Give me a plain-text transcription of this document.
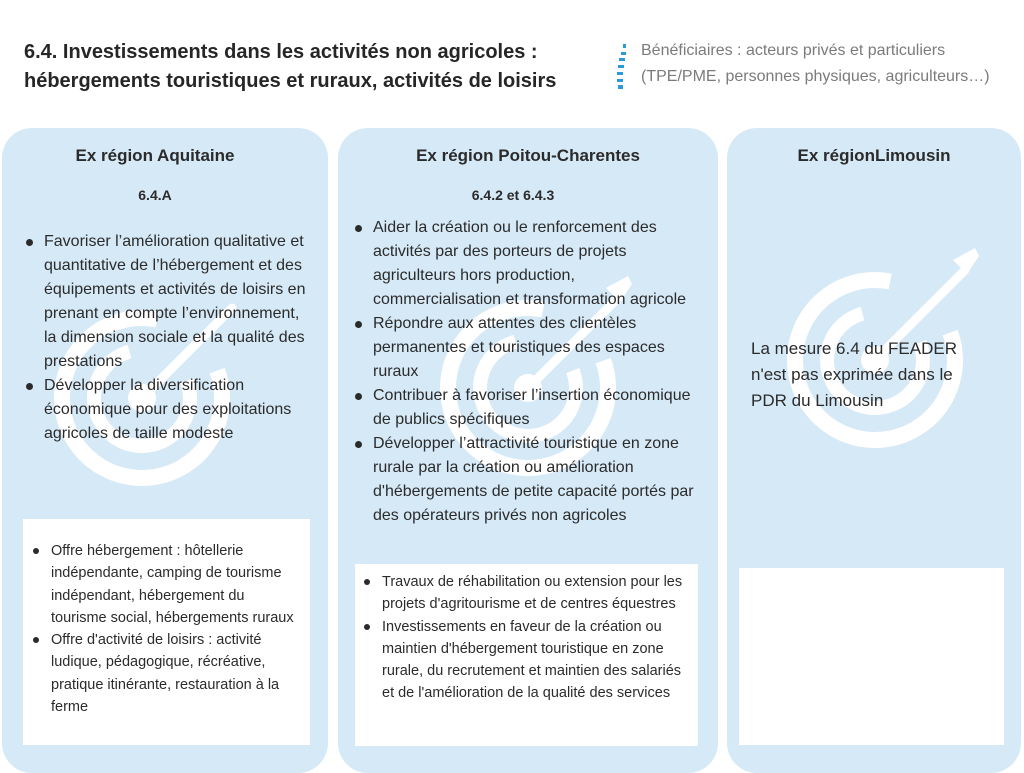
6.4. Investissements dans les activités non agricoles : hébergements touristiques et ruraux, activités de loisirs
Bénéficiaires : acteurs privés et particuliers
(TPE/PME, personnes physiques, agriculteurs…)
Ex région Aquitaine
6.4.A
Favoriser l’amélioration qualitative et quantitative de l’hébergement et des équipements et activités de loisirs en prenant en compte l’environnement, la dimension sociale et la qualité des prestations
Développer la diversification économique pour des exploitations agricoles de taille modeste
Offre hébergement : hôtellerie indépendante, camping de tourisme indépendant, hébergement du tourisme social, hébergements ruraux
Offre d'activité de loisirs : activité ludique, pédagogique, récréative, pratique itinérante, restauration à la ferme
Ex région Poitou-Charentes
6.4.2 et 6.4.3
Aider la création ou le renforcement des activités par des porteurs de projets agriculteurs hors production, commercialisation et transformation agricole
Répondre aux attentes des clientèles permanentes et touristiques des espaces ruraux
Contribuer à favoriser l’insertion économique de publics spécifiques
Développer l’attractivité touristique en zone rurale par la création ou amélioration d'hébergements de petite capacité portés par des opérateurs privés non agricoles
Travaux de réhabilitation ou extension pour les projets d'agritourisme et de centres équestres
Investissements en faveur de la création ou maintien d'hébergement touristique en zone rurale, du recrutement et maintien des salariés et de l'amélioration de la qualité des services
Ex régionLimousin
La mesure 6.4 du FEADER n'est pas exprimée dans le PDR du Limousin
